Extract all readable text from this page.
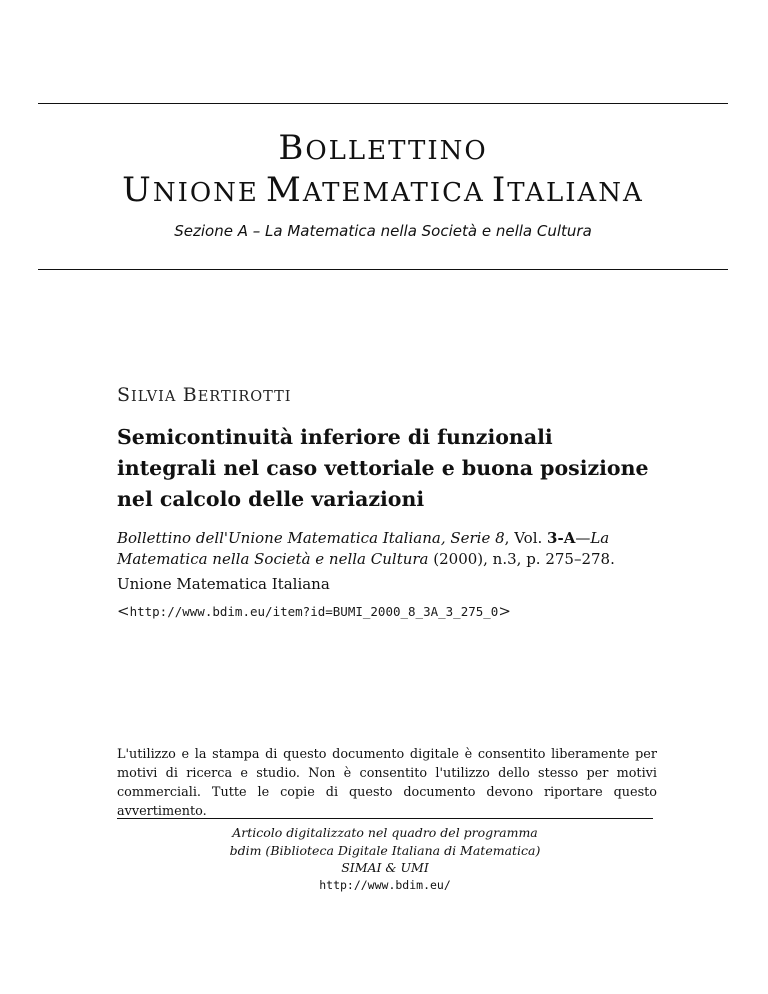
BOLLETTINO
UNIONE MATEMATICA ITALIANA
Sezione A – La Matematica nella Società e nella Cultura
SILVIA BERTIROTTI
Semicontinuità inferiore di funzionali integrali nel caso vettoriale e buona posizione nel calcolo delle variazioni
Bollettino dell'Unione Matematica Italiana, Serie 8, Vol. 3-A—La Matematica nella Società e nella Cultura (2000), n.3, p. 275–278.
Unione Matematica Italiana
<http://www.bdim.eu/item?id=BUMI_2000_8_3A_3_275_0>
L'utilizzo e la stampa di questo documento digitale è consentito liberamente per motivi di ricerca e studio. Non è consentito l'utilizzo dello stesso per motivi commerciali. Tutte le copie di questo documento devono riportare questo avvertimento.
Articolo digitalizzato nel quadro del programma
bdim (Biblioteca Digitale Italiana di Matematica)
SIMAI & UMI
http://www.bdim.eu/
